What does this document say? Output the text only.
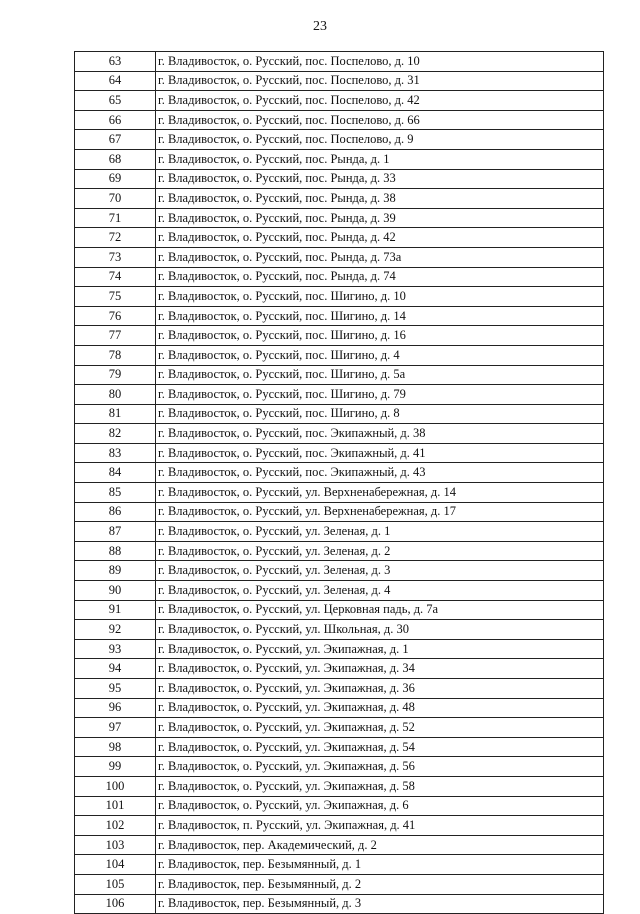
23
63	г. Владивосток, о. Русский, пос. Поспелово, д. 10
64	г. Владивосток, о. Русский, пос. Поспелово, д. 31
65	г. Владивосток, о. Русский, пос. Поспелово, д. 42
66	г. Владивосток, о. Русский, пос. Поспелово, д. 66
67	г. Владивосток, о. Русский, пос. Поспелово, д. 9
68	г. Владивосток, о. Русский, пос. Рында, д. 1
69	г. Владивосток, о. Русский, пос. Рында, д. 33
70	г. Владивосток, о. Русский, пос. Рында, д. 38
71	г. Владивосток, о. Русский, пос. Рында, д. 39
72	г. Владивосток, о. Русский, пос. Рында, д. 42
73	г. Владивосток, о. Русский, пос. Рында, д. 73а
74	г. Владивосток, о. Русский, пос. Рында, д. 74
75	г. Владивосток, о. Русский, пос. Шигино, д. 10
76	г. Владивосток, о. Русский, пос. Шигино, д. 14
77	г. Владивосток, о. Русский, пос. Шигино, д. 16
78	г. Владивосток, о. Русский, пос. Шигино, д. 4
79	г. Владивосток, о. Русский, пос. Шигино, д. 5а
80	г. Владивосток, о. Русский, пос. Шигино, д. 79
81	г. Владивосток, о. Русский, пос. Шигино, д. 8
82	г. Владивосток, о. Русский, пос. Экипажный, д. 38
83	г. Владивосток, о. Русский, пос. Экипажный, д. 41
84	г. Владивосток, о. Русский, пос. Экипажный, д. 43
85	г. Владивосток, о. Русский, ул. Верхненабережная, д. 14
86	г. Владивосток, о. Русский, ул. Верхненабережная, д. 17
87	г. Владивосток, о. Русский, ул. Зеленая, д. 1
88	г. Владивосток, о. Русский, ул. Зеленая, д. 2
89	г. Владивосток, о. Русский, ул. Зеленая, д. 3
90	г. Владивосток, о. Русский, ул. Зеленая, д. 4
91	г. Владивосток, о. Русский, ул. Церковная падь, д. 7а
92	г. Владивосток, о. Русский, ул. Школьная, д. 30
93	г. Владивосток, о. Русский, ул. Экипажная, д. 1
94	г. Владивосток, о. Русский, ул. Экипажная, д. 34
95	г. Владивосток, о. Русский, ул. Экипажная, д. 36
96	г. Владивосток, о. Русский, ул. Экипажная, д. 48
97	г. Владивосток, о. Русский, ул. Экипажная, д. 52
98	г. Владивосток, о. Русский, ул. Экипажная, д. 54
99	г. Владивосток, о. Русский, ул. Экипажная, д. 56
100	г. Владивосток, о. Русский, ул. Экипажная, д. 58
101	г. Владивосток, о. Русский, ул. Экипажная, д. 6
102	г. Владивосток, п. Русский, ул. Экипажная, д. 41
103	г. Владивосток, пер. Академический, д. 2
104	г. Владивосток, пер. Безымянный, д. 1
105	г. Владивосток, пер. Безымянный, д. 2
106	г. Владивосток, пер. Безымянный, д. 3
